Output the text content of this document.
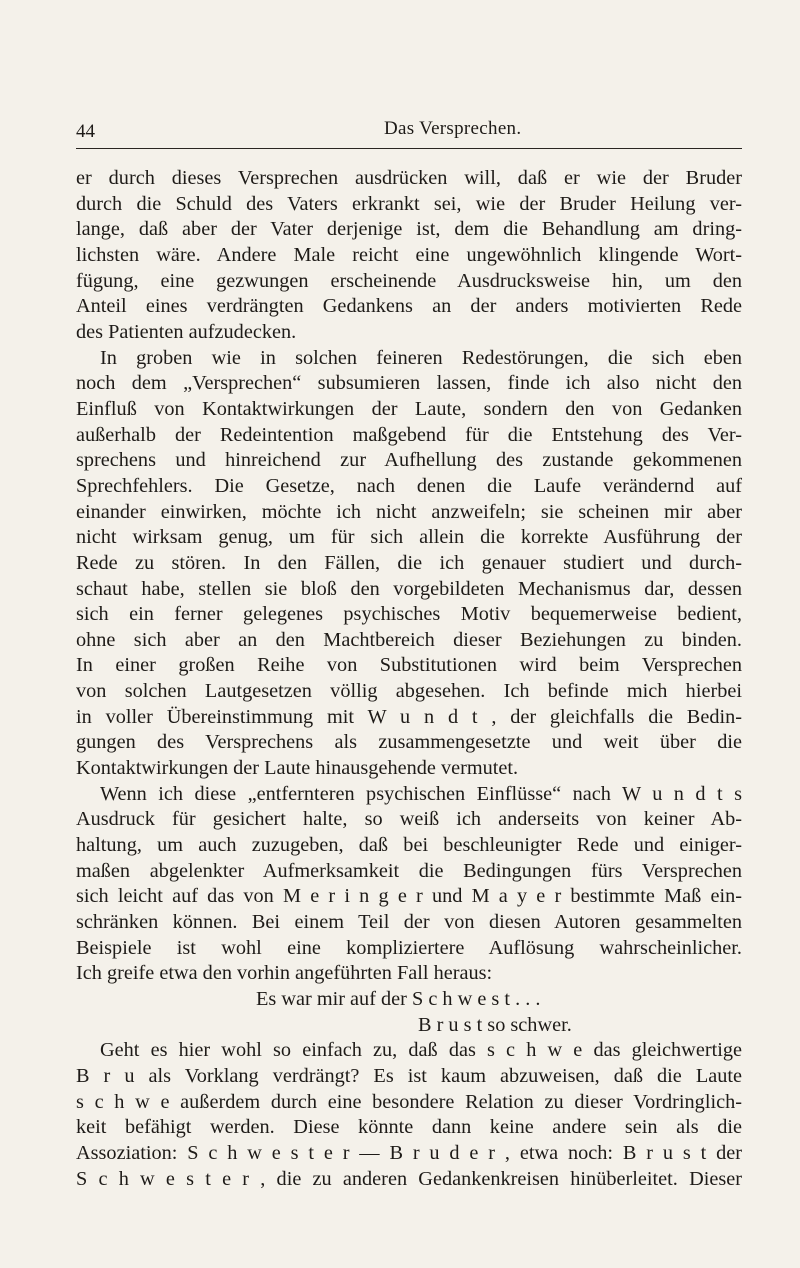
44	Das Versprechen.
er durch dieses Versprechen ausdrücken will, daß er wie der Bruder
durch die Schuld des Vaters erkrankt sei, wie der Bruder Heilung ver-
lange, daß aber der Vater derjenige ist, dem die Behandlung am dring-
lichsten wäre. Andere Male reicht eine ungewöhnlich klingende Wort-
fügung, eine gezwungen erscheinende Ausdrucksweise hin, um den
Anteil eines verdrängten Gedankens an der anders motivierten Rede
des Patienten aufzudecken.
In groben wie in solchen feineren Redestörungen, die sich eben
noch dem „Versprechen“ subsumieren lassen, finde ich also nicht den
Einfluß von Kontaktwirkungen der Laute, sondern den von Gedanken
außerhalb der Redeintention maßgebend für die Entstehung des Ver-
sprechens und hinreichend zur Aufhellung des zustande gekommenen
Sprechfehlers. Die Gesetze, nach denen die Laufe verändernd auf
einander einwirken, möchte ich nicht anzweifeln; sie scheinen mir aber
nicht wirksam genug, um für sich allein die korrekte Ausführung der
Rede zu stören. In den Fällen, die ich genauer studiert und durch-
schaut habe, stellen sie bloß den vorgebildeten Mechanismus dar, dessen
sich ein ferner gelegenes psychisches Motiv bequemerweise bedient,
ohne sich aber an den Machtbereich dieser Beziehungen zu binden.
In einer großen Reihe von Substitutionen wird beim Versprechen
von solchen Lautgesetzen völlig abgesehen. Ich befinde mich hierbei
in voller Übereinstimmung mit W u n d t , der gleichfalls die Bedin-
gungen des Versprechens als zusammengesetzte und weit über die
Kontaktwirkungen der Laute hinausgehende vermutet.
Wenn ich diese „entfernteren psychischen Einflüsse“ nach W u n d t s
Ausdruck für gesichert halte, so weiß ich anderseits von keiner Ab-
haltung, um auch zuzugeben, daß bei beschleunigter Rede und einiger-
maßen abgelenkter Aufmerksamkeit die Bedingungen fürs Versprechen
sich leicht auf das von M e r i n g e r und M a y e r bestimmte Maß ein-
schränken können. Bei einem Teil der von diesen Autoren gesammelten
Beispiele ist wohl eine kompliziertere Auflösung wahrscheinlicher.
Ich greife etwa den vorhin angeführten Fall heraus:
Es war mir auf der S c h w e s t . . .
B r u s t so schwer.
Geht es hier wohl so einfach zu, daß das s c h w e das gleichwertige
B r u als Vorklang verdrängt? Es ist kaum abzuweisen, daß die Laute
s c h w e außerdem durch eine besondere Relation zu dieser Vordringlich-
keit befähigt werden. Diese könnte dann keine andere sein als die
Assoziation: S c h w e s t e r — B r u d e r , etwa noch: B r u s t der
S c h w e s t e r , die zu anderen Gedankenkreisen hinüberleitet. Dieser
